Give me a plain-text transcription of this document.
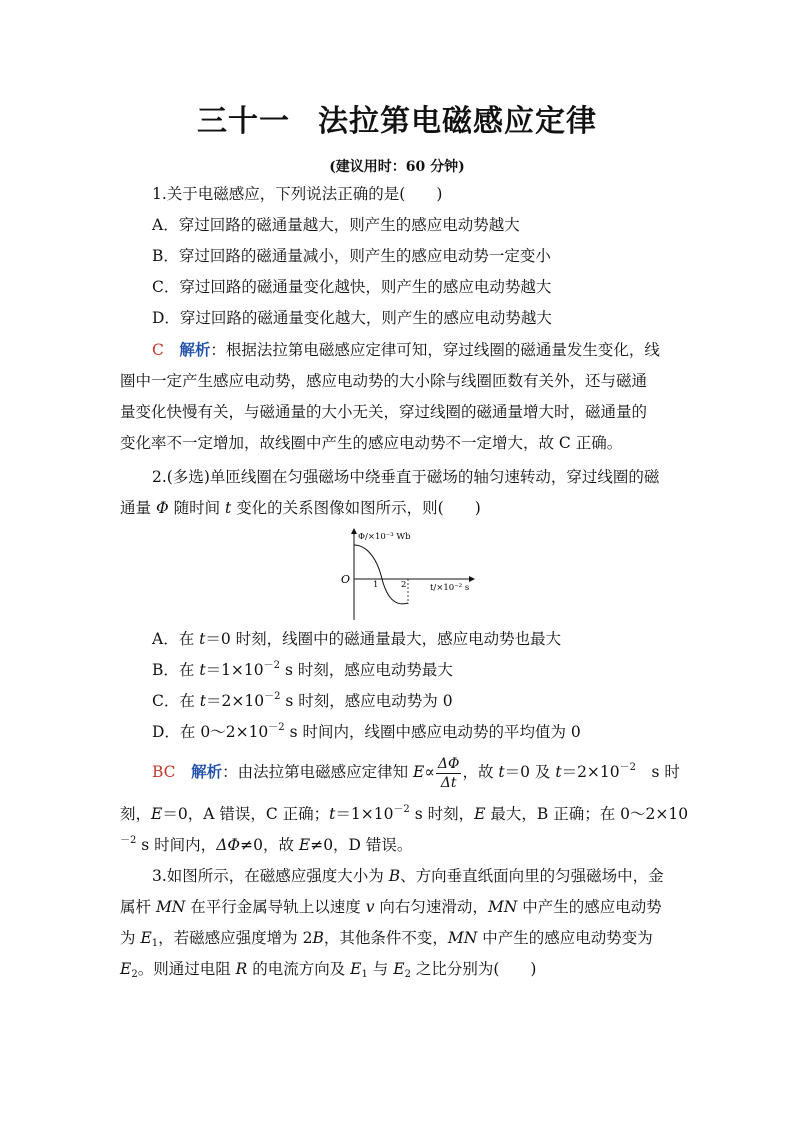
三十一 法拉第电磁感应定律
(建议用时：60 分钟)
1.关于电磁感应，下列说法正确的是(　　)
A．穿过回路的磁通量越大，则产生的感应电动势越大
B．穿过回路的磁通量减小，则产生的感应电动势一定变小
C．穿过回路的磁通量变化越快，则产生的感应电动势越大
D．穿过回路的磁通量变化越大，则产生的感应电动势越大
C　 解析：根据法拉第电磁感应定律可知，穿过线圈的磁通量发生变化，线
圈中一定产生感应电动势，感应电动势的大小除与线圈匝数有关外，还与磁通
量变化快慢有关，与磁通量的大小无关，穿过线圈的磁通量增大时，磁通量的
变化率不一定增加，故线圈中产生的感应电动势不一定增大，故 C 正确。
2.(多选)单匝线圈在匀强磁场中绕垂直于磁场的轴匀速转动，穿过线圈的磁
通量 Φ 随时间 t 变化的关系图像如图所示，则(　　)
Φ/×10⁻³ Wb
O	1	2	t/×10⁻² s
A．在 t＝0 时刻，线圈中的磁通量最大，感应电动势也最大
B．在 $t=1\times 10^{-2}$ s 时刻，感应电动势最大
C．在 $t=2\times 10^{-2}$ s 时刻，感应电动势为 0
D．在 $0\sim 2\times 10^{-2}$ s 时间内，线圈中感应电动势的平均值为 0
BC　 解析：由法拉第电磁感应定律知 $E\propto \frac{\Delta\Phi}{\Delta t}$ ，故 t＝0 及 $t=2\times 10^{-2}$　s 时
刻，E＝0，A 错误，C 正确；$t=1\times 10^{-2}$ s 时刻，E 最大，B 正确；在 0～2×10
$^{-2}$ s 时间内，ΔΦ≠0，故 E≠0，D 错误。
3.如图所示，在磁感应强度大小为 B、方向垂直纸面向里的匀强磁场中，金
属杆 MN 在平行金属导轨上以速度 v 向右匀速滑动，MN 中产生的感应电动势
为 $E_1$，若磁感应强度增为 2B，其他条件不变，MN 中产生的感应电动势变为
$E_2$。则通过电阻 R 的电流方向及 $E_1$ 与 $E_2$ 之比分别为(　　)
